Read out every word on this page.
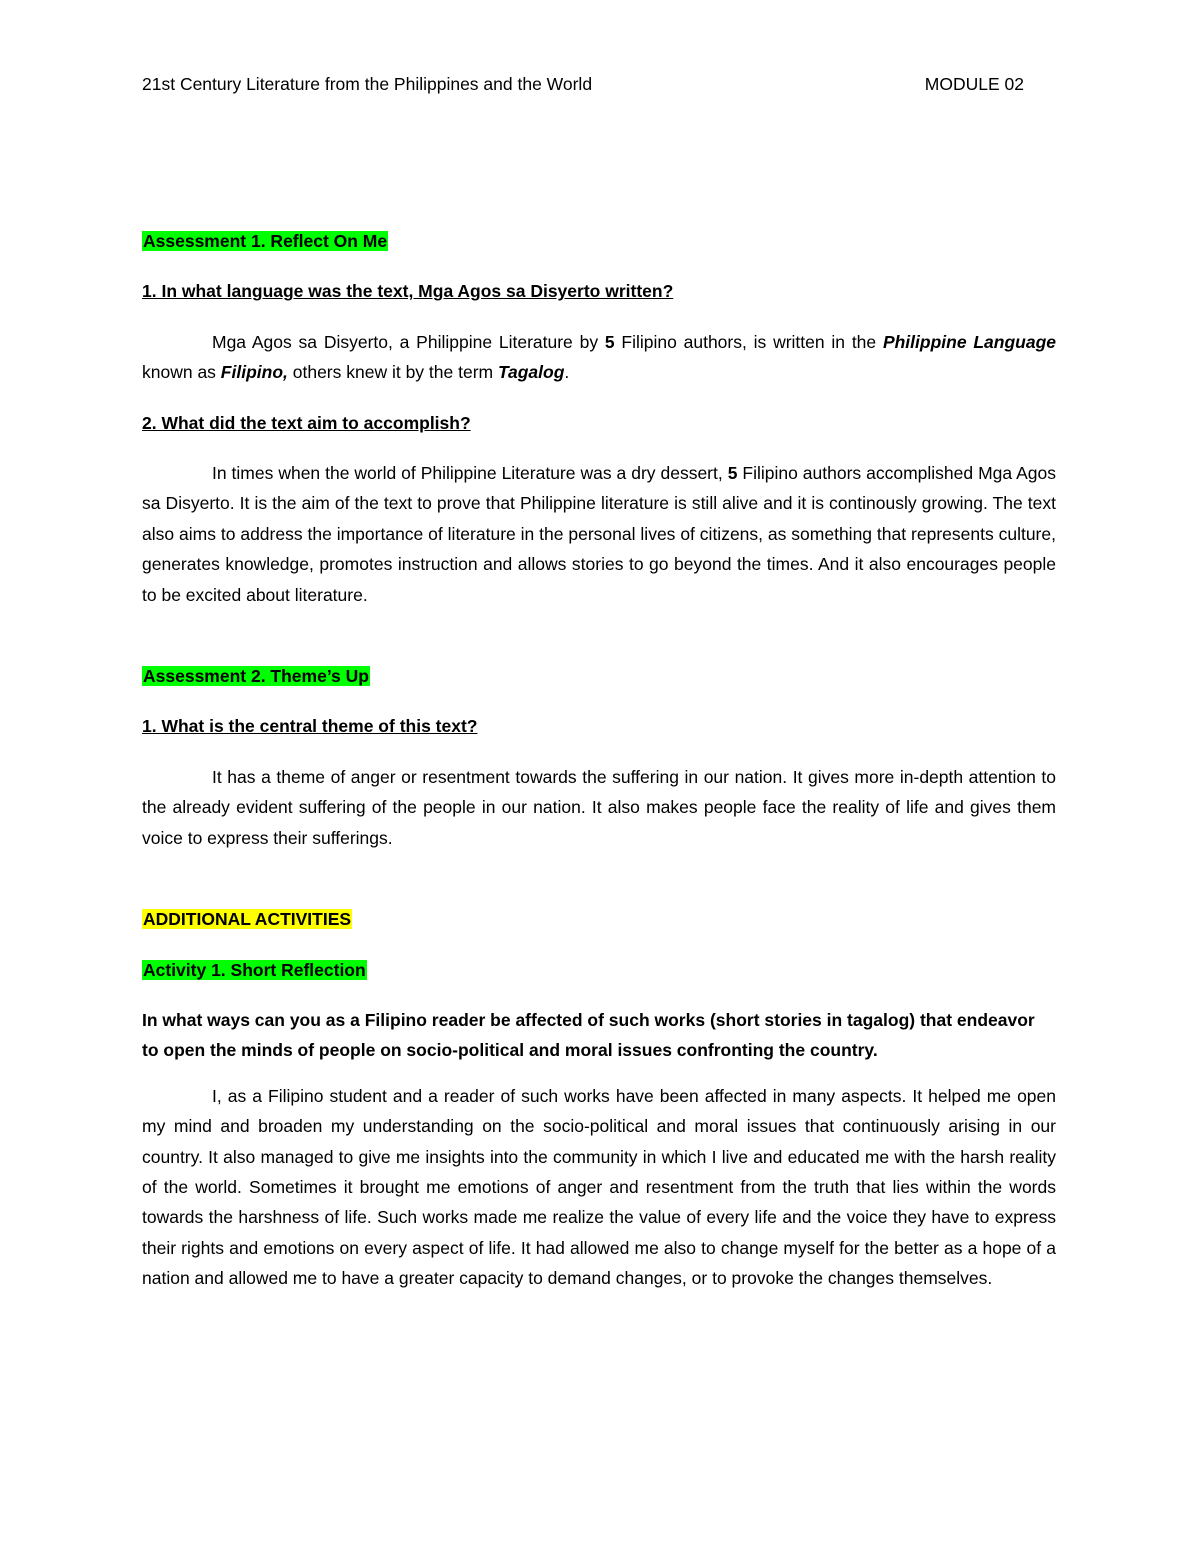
21st Century Literature from the Philippines and the World	MODULE 02

Assessment 1. Reflect On Me

1. In what language was the text, Mga Agos sa Disyerto written?

Mga Agos sa Disyerto, a Philippine Literature by 5 Filipino authors, is written in the Philippine Language known as Filipino, others knew it by the term Tagalog.

2. What did the text aim to accomplish?

In times when the world of Philippine Literature was a dry dessert, 5 Filipino authors accomplished Mga Agos sa Disyerto. It is the aim of the text to prove that Philippine literature is still alive and it is continously growing. The text also aims to address the importance of literature in the personal lives of citizens, as something that represents culture, generates knowledge, promotes instruction and allows stories to go beyond the times. And it also encourages people to be excited about literature.

Assessment 2. Theme’s Up

1. What is the central theme of this text?

It has a theme of anger or resentment towards the suffering in our nation. It gives more in-depth attention to the already evident suffering of the people in our nation. It also makes people face the reality of life and gives them voice to express their sufferings.

ADDITIONAL ACTIVITIES

Activity 1. Short Reflection

In what ways can you as a Filipino reader be affected of such works (short stories in tagalog) that endeavor to open the minds of people on socio-political and moral issues confronting the country.

I, as a Filipino student and a reader of such works have been affected in many aspects. It helped me open my mind and broaden my understanding on the socio-political and moral issues that continuously arising in our country. It also managed to give me insights into the community in which I live and educated me with the harsh reality of the world. Sometimes it brought me emotions of anger and resentment from the truth that lies within the words towards the harshness of life. Such works made me realize the value of every life and the voice they have to express their rights and emotions on every aspect of life. It had allowed me also to change myself for the better as a hope of a nation and allowed me to have a greater capacity to demand changes, or to provoke the changes themselves.
